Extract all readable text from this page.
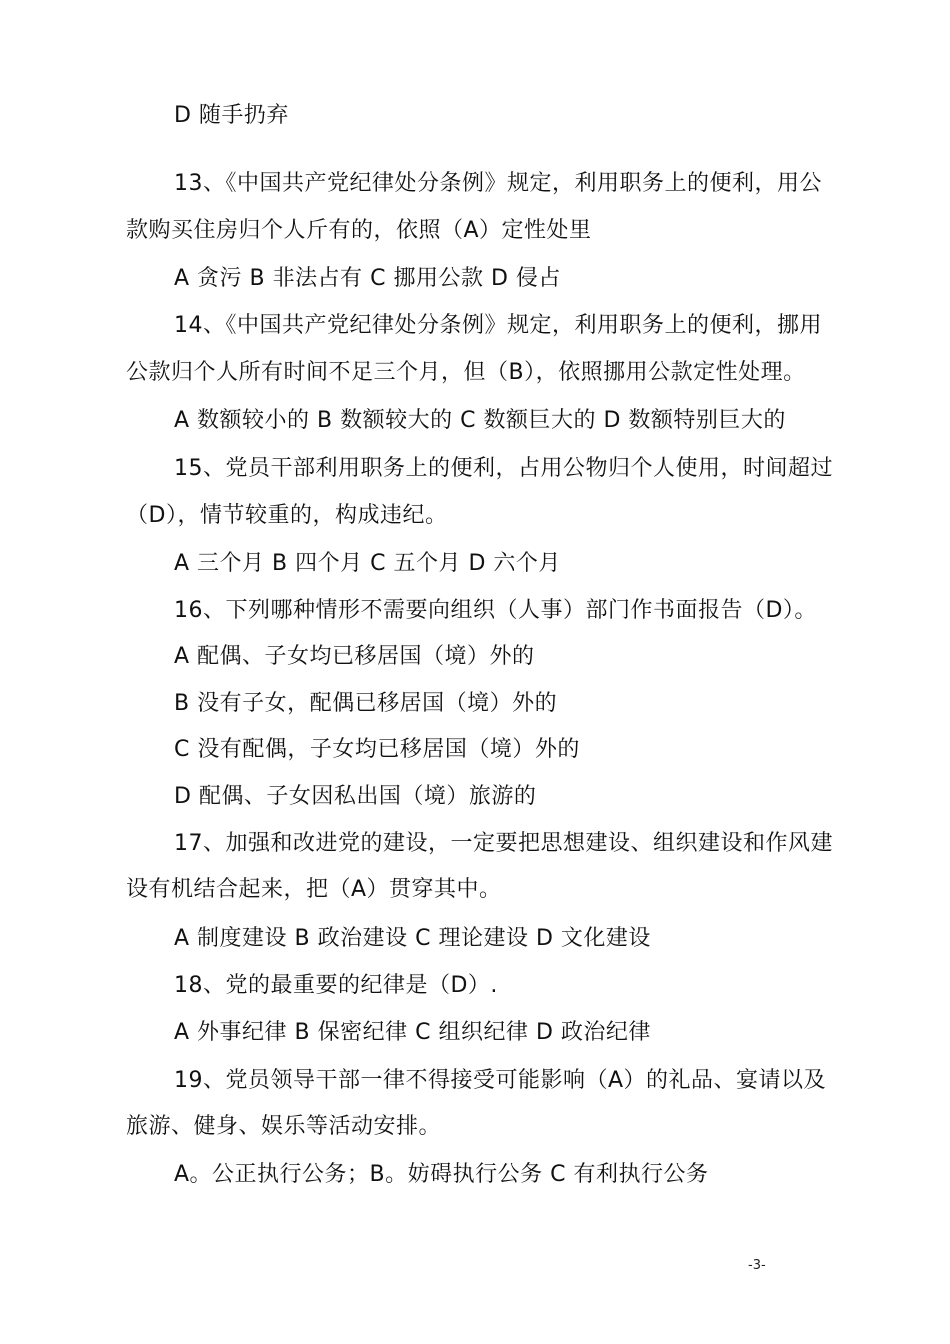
D 随手扔弃
13、《中国共产党纪律处分条例》规定，利用职务上的便利，用公
款购买住房归个人斤有的，依照（A）定性处里
A 贪污 B 非法占有 C 挪用公款 D 侵占
14、《中国共产党纪律处分条例》规定，利用职务上的便利，挪用
公款归个人所有时间不足三个月，但（B），依照挪用公款定性处理。
A 数额较小的 B 数额较大的 C 数额巨大的 D 数额特别巨大的
15、党员干部利用职务上的便利，占用公物归个人使用，时间超过
（D），情节较重的，构成违纪。
A 三个月 B 四个月 C 五个月 D 六个月
16、下列哪种情形不需要向组织（人事）部门作书面报告（D）。
A 配偶、子女均已移居国（境）外的
B 没有子女，配偶已移居国（境）外的
C 没有配偶，子女均已移居国（境）外的
D 配偶、子女因私出国（境）旅游的
17、加强和改进党的建设，一定要把思想建设、组织建设和作风建
设有机结合起来，把（A）贯穿其中。
A 制度建设 B 政治建设 C 理论建设 D 文化建设
18、党的最重要的纪律是（D）.
A 外事纪律 B 保密纪律 C 组织纪律 D 政治纪律
19、党员领导干部一律不得接受可能影响（A）的礼品、宴请以及
旅游、健身、娱乐等活动安排。
A。公正执行公务；B。妨碍执行公务 C 有利执行公务
-3-
